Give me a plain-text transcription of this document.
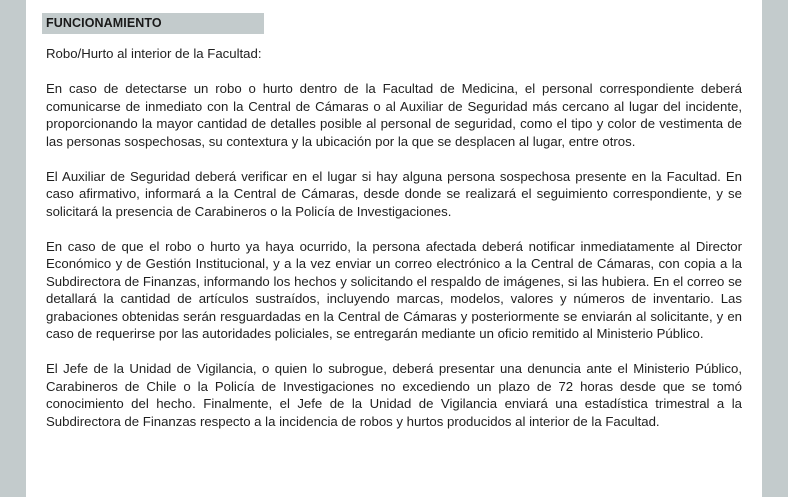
FUNCIONAMIENTO

Robo/Hurto al interior de la Facultad:

En caso de detectarse un robo o hurto dentro de la Facultad de Medicina, el personal correspondiente deberá comunicarse de inmediato con la Central de Cámaras o al Auxiliar de Seguridad más cercano al lugar del incidente, proporcionando la mayor cantidad de detalles posible al personal de seguridad, como el tipo y color de vestimenta de las personas sospechosas, su contextura y la ubicación por la que se desplacen al lugar, entre otros.

El Auxiliar de Seguridad deberá verificar en el lugar si hay alguna persona sospechosa presente en la Facultad. En caso afirmativo, informará a la Central de Cámaras, desde donde se realizará el seguimiento correspondiente, y se solicitará la presencia de Carabineros o la Policía de Investigaciones.

En caso de que el robo o hurto ya haya ocurrido, la persona afectada deberá notificar inmediatamente al Director Económico y de Gestión Institucional, y a la vez enviar un correo electrónico a la Central de Cámaras, con copia a la Subdirectora de Finanzas, informando los hechos y solicitando el respaldo de imágenes, si las hubiera. En el correo se detallará la cantidad de artículos sustraídos, incluyendo marcas, modelos, valores y números de inventario. Las grabaciones obtenidas serán resguardadas en la Central de Cámaras y posteriormente se enviarán al solicitante, y en caso de requerirse por las autoridades policiales, se entregarán mediante un oficio remitido al Ministerio Público.

El Jefe de la Unidad de Vigilancia, o quien lo subrogue, deberá presentar una denuncia ante el Ministerio Público, Carabineros de Chile o la Policía de Investigaciones no excediendo un plazo de 72 horas desde que se tomó conocimiento del hecho. Finalmente, el Jefe de la Unidad de Vigilancia enviará una estadística trimestral a la Subdirectora de Finanzas respecto a la incidencia de robos y hurtos producidos al interior de la Facultad.
